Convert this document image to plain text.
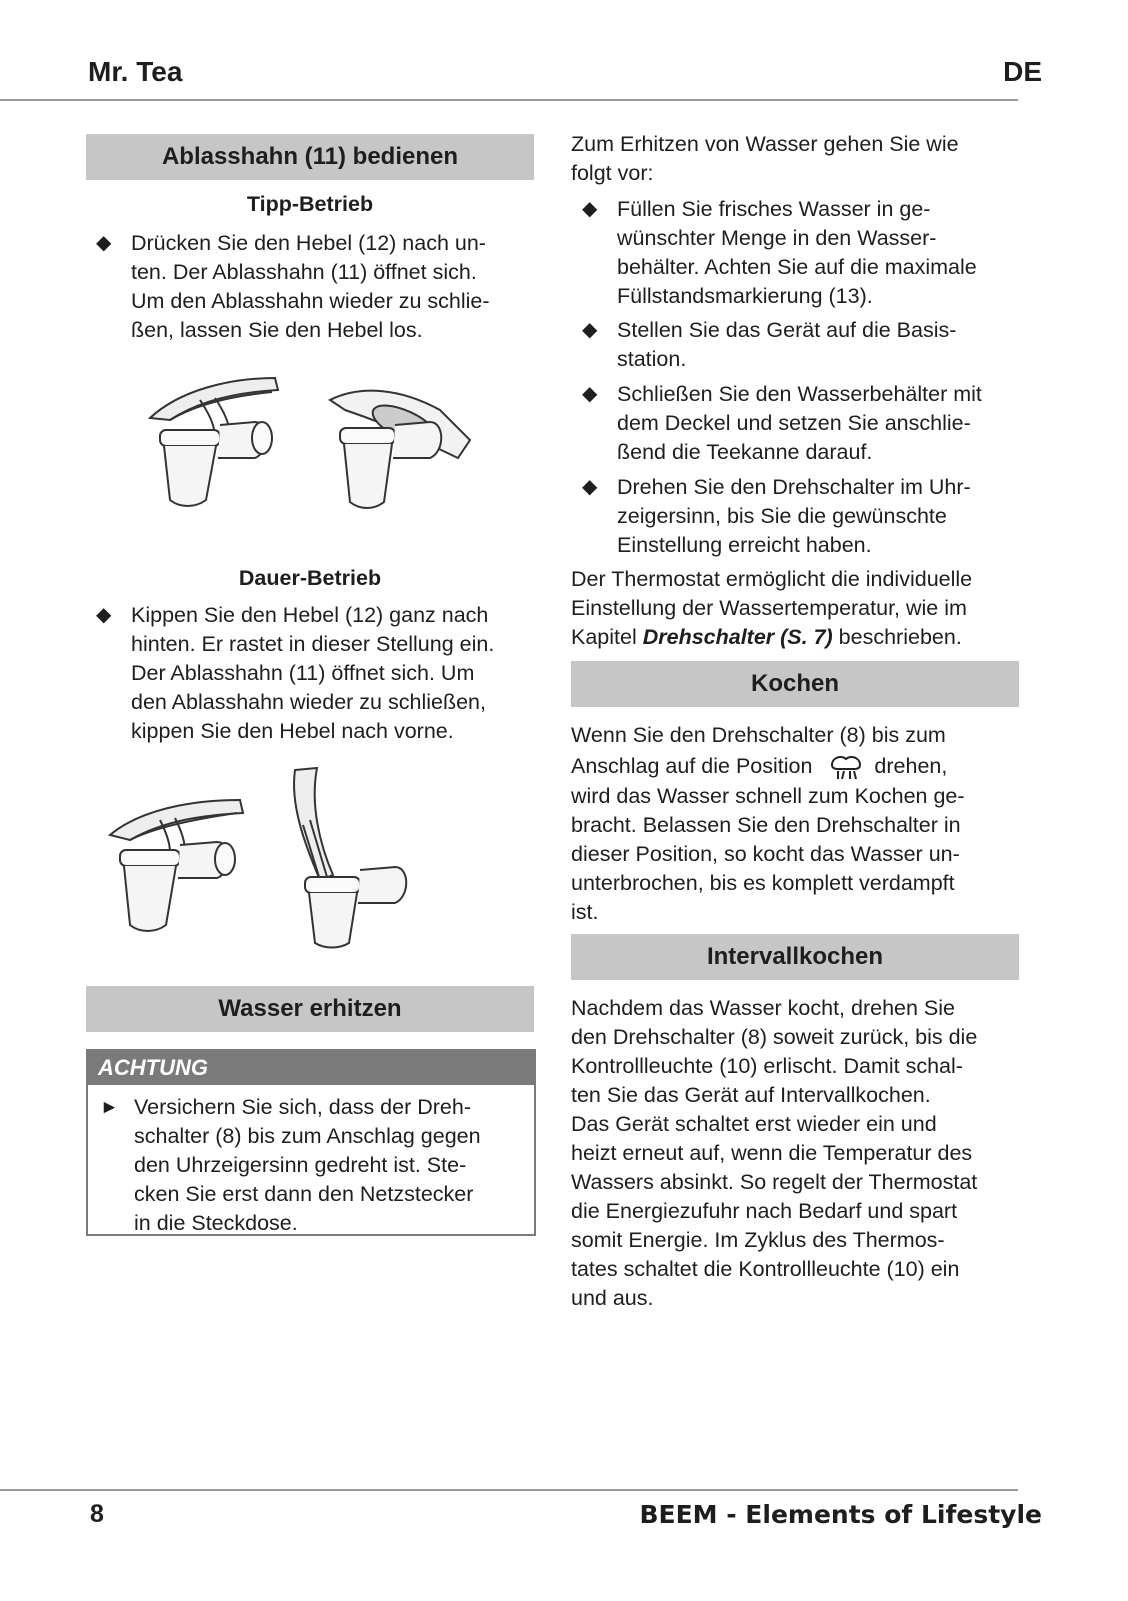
Mr. Tea	DE
Ablasshahn (11) bedienen
Tipp-Betrieb
◆ Drücken Sie den Hebel (12) nach un-
ten. Der Ablasshahn (11) öffnet sich.
Um den Ablasshahn wieder zu schlie-
ßen, lassen Sie den Hebel los.
Dauer-Betrieb
◆ Kippen Sie den Hebel (12) ganz nach
hinten. Er rastet in dieser Stellung ein.
Der Ablasshahn (11) öffnet sich. Um
den Ablasshahn wieder zu schließen,
kippen Sie den Hebel nach vorne.
Wasser erhitzen
ACHTUNG
► Versichern Sie sich, dass der Dreh-
schalter (8) bis zum Anschlag gegen
den Uhrzeigersinn gedreht ist. Ste-
cken Sie erst dann den Netzstecker
in die Steckdose.
Zum Erhitzen von Wasser gehen Sie wie
folgt vor:
◆ Füllen Sie frisches Wasser in ge-
wünschter Menge in den Wasser-
behälter. Achten Sie auf die maximale
Füllstandsmarkierung (13).
◆ Stellen Sie das Gerät auf die Basis-
station.
◆ Schließen Sie den Wasserbehälter mit
dem Deckel und setzen Sie anschlie-
ßend die Teekanne darauf.
◆ Drehen Sie den Drehschalter im Uhr-
zeigersinn, bis Sie die gewünschte
Einstellung erreicht haben.
Der Thermostat ermöglicht die individuelle
Einstellung der Wassertemperatur, wie im
Kapitel Drehschalter (S. 7) beschrieben.
Kochen
Wenn Sie den Drehschalter (8) bis zum
Anschlag auf die Position	drehen,
wird das Wasser schnell zum Kochen ge-
bracht. Belassen Sie den Drehschalter in
dieser Position, so kocht das Wasser un-
unterbrochen, bis es komplett verdampft
ist.
Intervallkochen
Nachdem das Wasser kocht, drehen Sie
den Drehschalter (8) soweit zurück, bis die
Kontrollleuchte (10) erlischt. Damit schal-
ten Sie das Gerät auf Intervallkochen.
Das Gerät schaltet erst wieder ein und
heizt erneut auf, wenn die Temperatur des
Wassers absinkt. So regelt der Thermostat
die Energiezufuhr nach Bedarf und spart
somit Energie. Im Zyklus des Thermos-
tates schaltet die Kontrollleuchte (10) ein
und aus.
8	BEEM - Elements of Lifestyle
